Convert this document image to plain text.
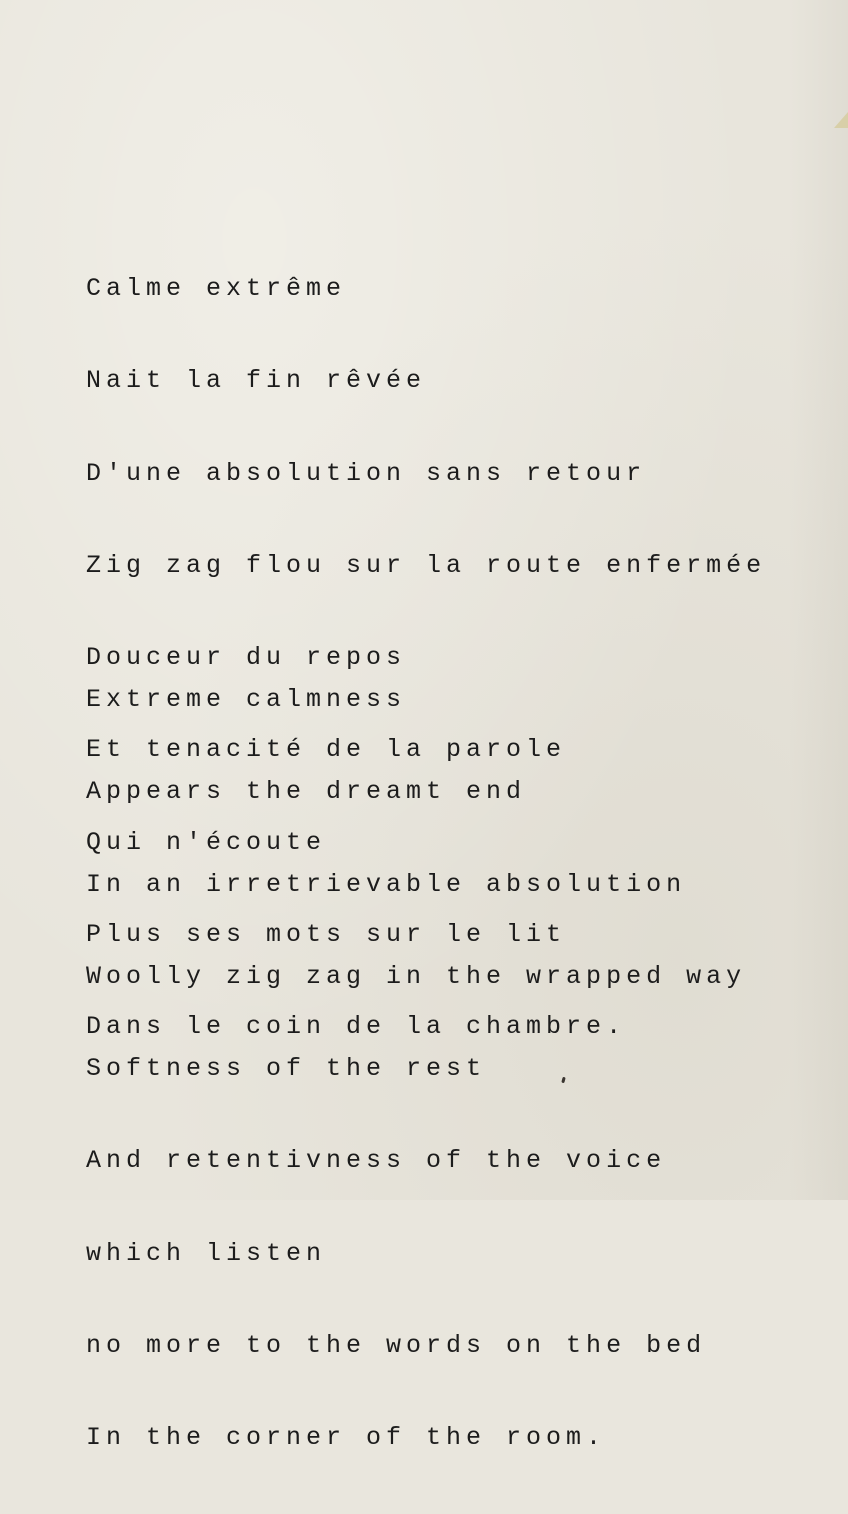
Calme extrême

Nait la fin rêvée

D'une absolution sans retour

Zig zag flou sur la route enfermée

Douceur du repos

Et tenacité de la parole

Qui n'écoute

Plus ses mots sur le lit

Dans le coin de la chambre.

Extreme calmness

Appears the dreamt end

In an irretrievable absolution

Woolly zig zag in the wrapped way

Softness of the rest

And retentivness of the voice

which listen

no more to the words on the bed

In the corner of the room.
